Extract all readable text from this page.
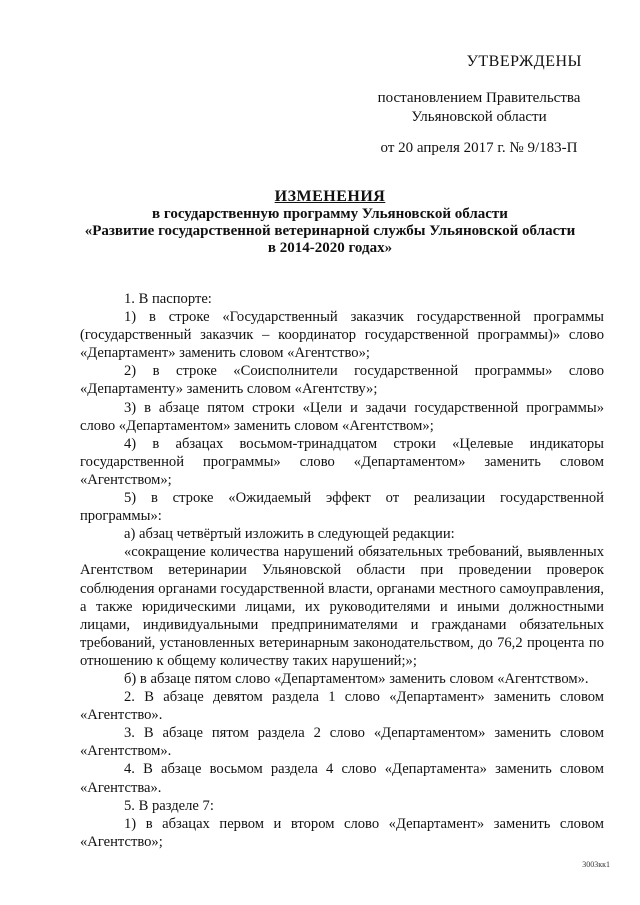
УТВЕРЖДЕНЫ
постановлением Правительства
Ульяновской области
от 20 апреля 2017 г. № 9/183-П
ИЗМЕНЕНИЯ
в государственную программу Ульяновской области
«Развитие государственной ветеринарной службы Ульяновской области
в 2014-2020 годах»

1. В паспорте:

1) в строке «Государственный заказчик государственной программы (государственный заказчик – координатор государственной программы)» слово «Департамент» заменить словом «Агентство»;

2) в строке «Соисполнители государственной программы» слово «Департаменту» заменить словом «Агентству»;

3) в абзаце пятом строки «Цели и задачи государственной программы» слово «Департаментом» заменить словом «Агентством»;

4) в абзацах восьмом-тринадцатом строки «Целевые индикаторы государственной программы» слово «Департаментом» заменить словом «Агентством»;

5) в строке «Ожидаемый эффект от реализации государственной программы»:

а) абзац четвёртый изложить в следующей редакции:

«сокращение количества нарушений обязательных требований, выявленных Агентством ветеринарии Ульяновской области при проведении проверок соблюдения органами государственной власти, органами местного самоуправления, а также юридическими лицами, их руководителями и иными должностными лицами, индивидуальными предпринимателями и гражданами обязательных требований, установленных ветеринарным законодательством, до 76,2 процента по отношению к общему количеству таких нарушений;»;

б) в абзаце пятом слово «Департаментом» заменить словом «Агентством».

2. В абзаце девятом раздела 1 слово «Департамент» заменить словом «Агентство».

3. В абзаце пятом раздела 2 слово «Департаментом» заменить словом «Агентством».

4. В абзаце восьмом раздела 4 слово «Департамента» заменить словом «Агентства».

5. В разделе 7:

1) в абзацах первом и втором слово «Департамент» заменить словом «Агентство»;

3003кк1
